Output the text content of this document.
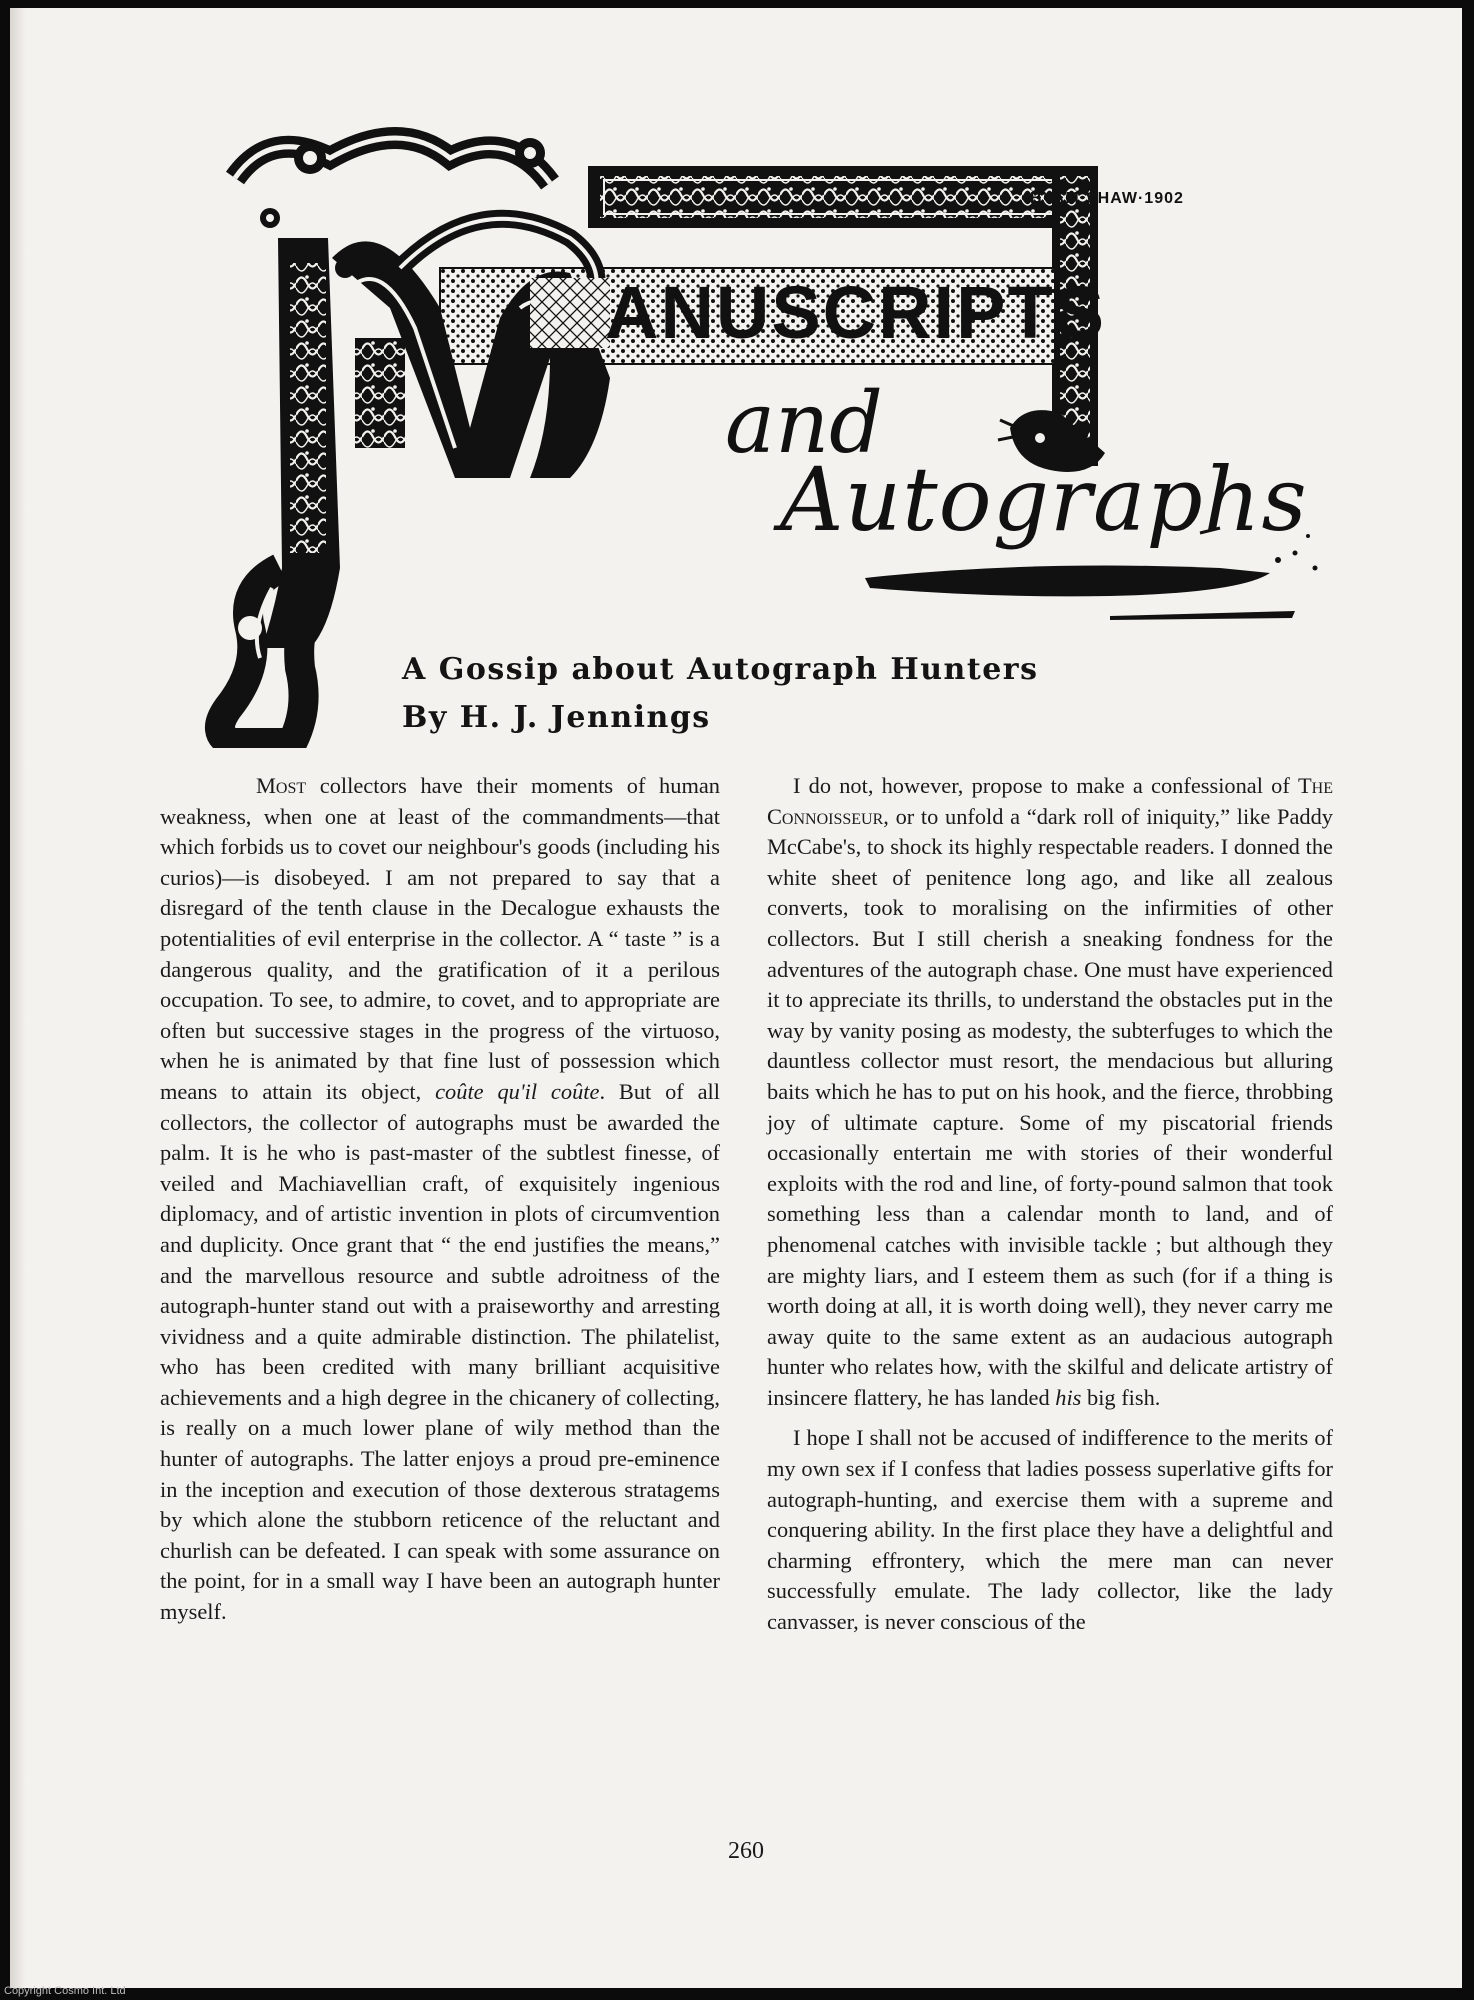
ANUSCRIPTS
BYAM·SHAW·1902
and
Autographs
A Gossip about Autograph Hunters
By H. J. Jennings

Most collectors have their moments of human weakness, when one at least of the commandments—that which forbids us to covet our neighbour's goods (including his curios)—is disobeyed. I am not prepared to say that a disregard of the tenth clause in the Decalogue exhausts the potentialities of evil enterprise in the collector. A “ taste ” is a dangerous quality, and the gratification of it a perilous occupation. To see, to admire, to covet, and to appropriate are often but successive stages in the progress of the virtuoso, when he is animated by that fine lust of possession which means to attain its object, coûte qu'il coûte. But of all collectors, the collector of autographs must be awarded the palm. It is he who is past-master of the subtlest finesse, of veiled and Machiavellian craft, of exquisitely ingenious diplomacy, and of artistic invention in plots of circumvention and duplicity. Once grant that “ the end justifies the means,” and the marvellous resource and subtle adroitness of the autograph-hunter stand out with a praiseworthy and arresting vividness and a quite admirable distinction. The philatelist, who has been credited with many brilliant acquisitive achievements and a high degree in the chicanery of collecting, is really on a much lower plane of wily method than the hunter of autographs. The latter enjoys a proud pre-eminence in the inception and execution of those dexterous stratagems by which alone the stubborn reticence of the reluctant and churlish can be defeated. I can speak with some assurance on the point, for in a small way I have been an autograph hunter myself.

I do not, however, propose to make a confessional of The Connoisseur, or to unfold a “dark roll of iniquity,” like Paddy McCabe's, to shock its highly respectable readers. I donned the white sheet of penitence long ago, and like all zealous converts, took to moralising on the infirmities of other collectors. But I still cherish a sneaking fondness for the adventures of the autograph chase. One must have experienced it to appreciate its thrills, to understand the obstacles put in the way by vanity posing as modesty, the subterfuges to which the dauntless collector must resort, the mendacious but alluring baits which he has to put on his hook, and the fierce, throbbing joy of ultimate capture. Some of my piscatorial friends occasionally entertain me with stories of their wonderful exploits with the rod and line, of forty-pound salmon that took something less than a calendar month to land, and of phenomenal catches with invisible tackle ; but although they are mighty liars, and I esteem them as such (for if a thing is worth doing at all, it is worth doing well), they never carry me away quite to the same extent as an audacious autograph hunter who relates how, with the skilful and delicate artistry of insincere flattery, he has landed his big fish.

I hope I shall not be accused of indifference to the merits of my own sex if I confess that ladies possess superlative gifts for autograph-hunting, and exercise them with a supreme and conquering ability. In the first place they have a delightful and charming effrontery, which the mere man can never successfully emulate. The lady collector, like the lady canvasser, is never conscious of the

260
Copyright Cosmo Int. Ltd
